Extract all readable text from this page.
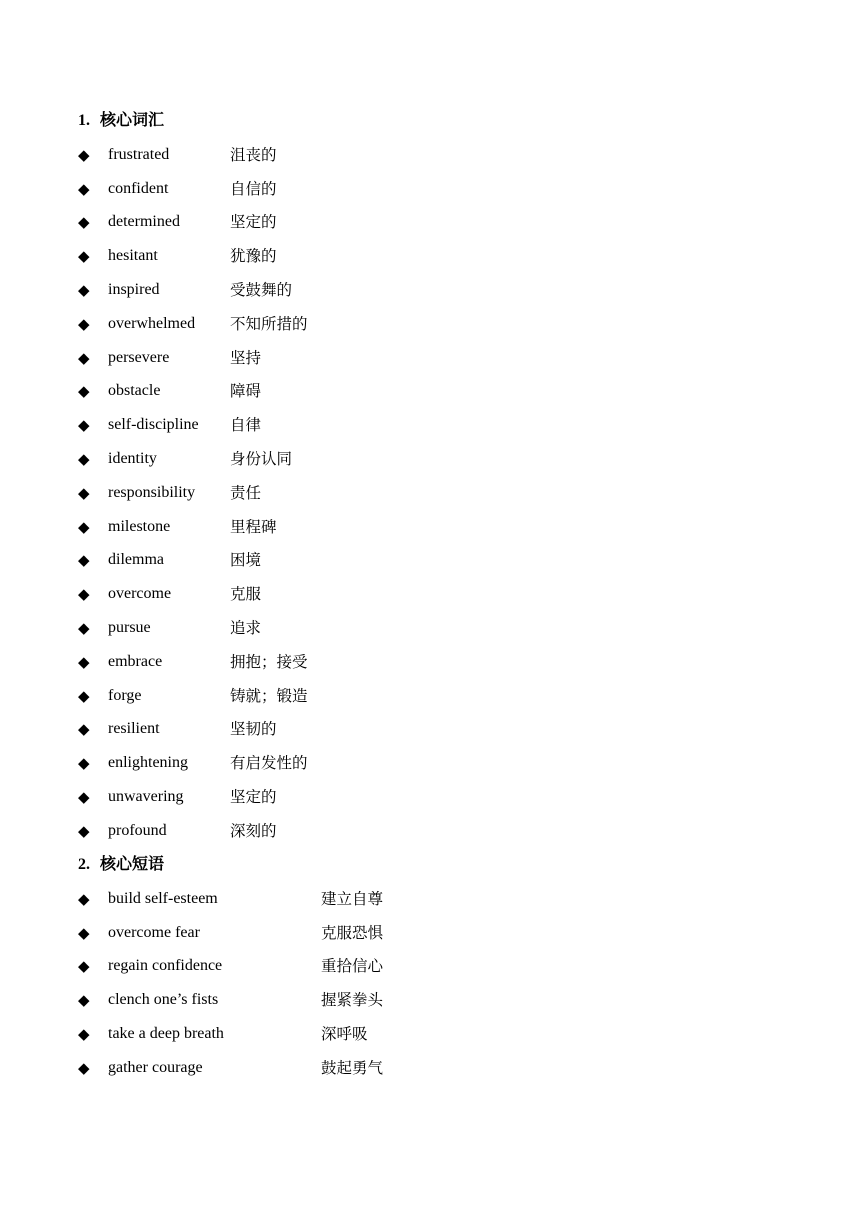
1. 核心词汇
◆	frustrated	沮丧的
◆	confident	自信的
◆	determined	坚定的
◆	hesitant	犹豫的
◆	inspired	受鼓舞的
◆	overwhelmed	不知所措的
◆	persevere	坚持
◆	obstacle	障碍
◆	self-discipline	自律
◆	identity	身份认同
◆	responsibility	责任
◆	milestone	里程碑
◆	dilemma	困境
◆	overcome	克服
◆	pursue	追求
◆	embrace	拥抱；接受
◆	forge	铸就；锻造
◆	resilient	坚韧的
◆	enlightening	有启发性的
◆	unwavering	坚定的
◆	profound	深刻的
2. 核心短语
◆	build self-esteem	建立自尊
◆	overcome fear	克服恐惧
◆	regain confidence	重拾信心
◆	clench one’s fists	握紧拳头
◆	take a deep breath	深呼吸
◆	gather courage	鼓起勇气
